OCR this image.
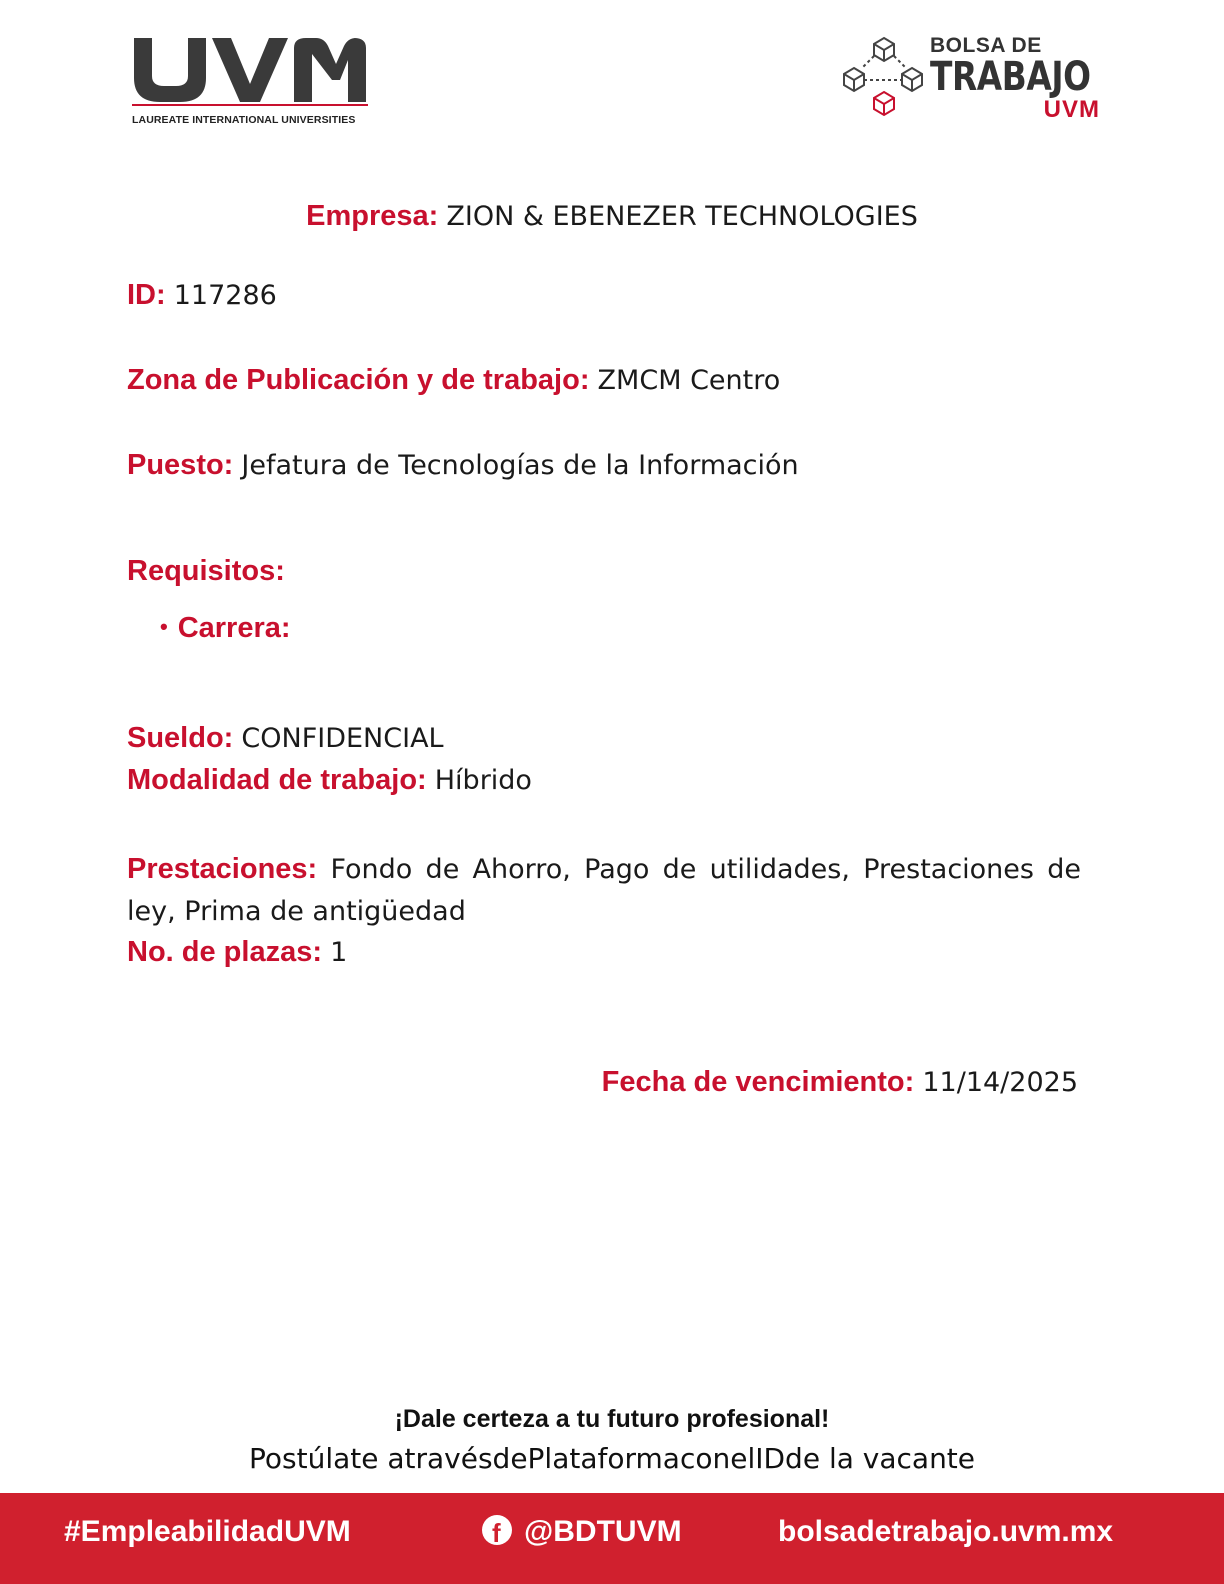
LAUREATE INTERNATIONAL UNIVERSITIES
BOLSA DE
TRABAJO
UVM
Empresa: ZION & EBENEZER TECHNOLOGIES
ID: 117286
Zona de Publicación y de trabajo: ZMCM Centro
Puesto: Jefatura de Tecnologías de la Información
Requisitos:
• Carrera:
Sueldo: CONFIDENCIAL
Modalidad de trabajo: Híbrido
Prestaciones: Fondo de Ahorro, Pago de utilidades, Prestaciones de ley, Prima de antigüedad
No. de plazas: 1
Fecha de vencimiento: 11/14/2025
¡Dale certeza a tu futuro profesional!
Postúlate atravésdePlataformaconelIDde la vacante
#EmpleabilidadUVM	f @BDTUVM	bolsadetrabajo.uvm.mx
